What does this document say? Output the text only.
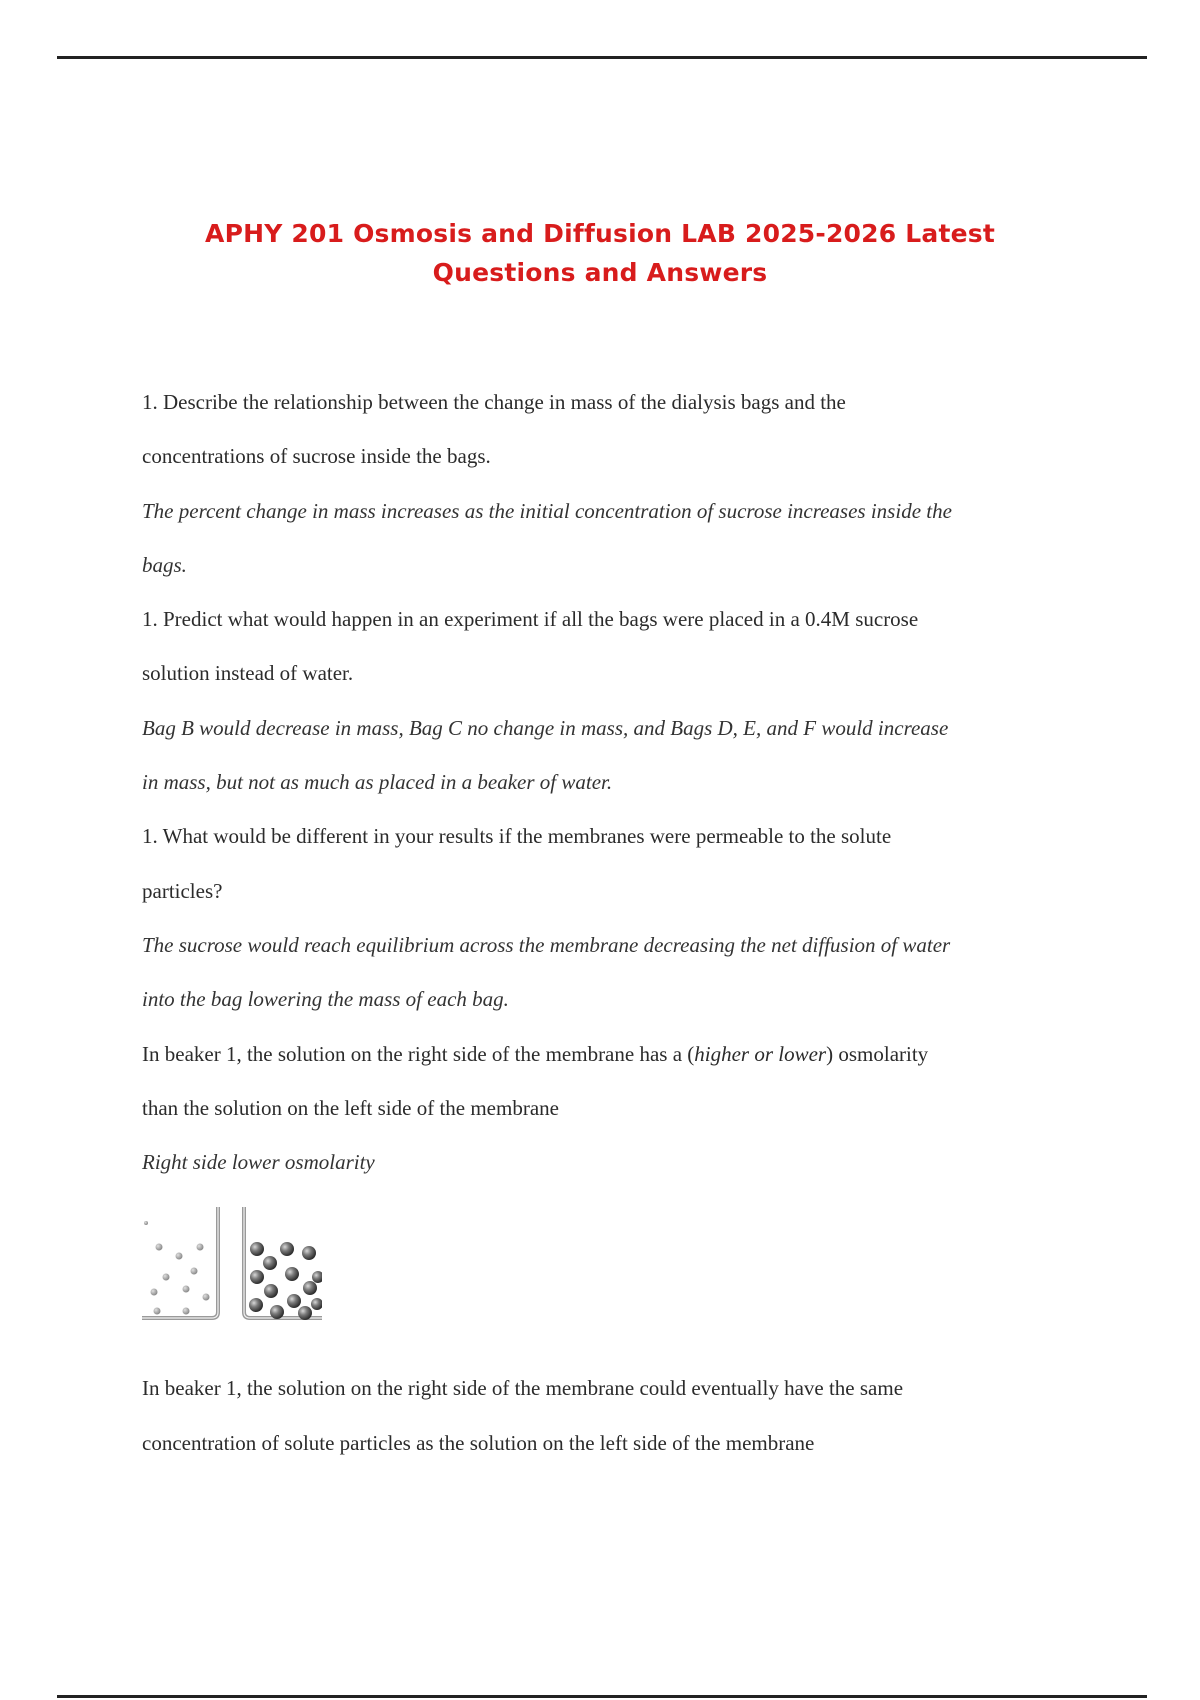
APHY 201 Osmosis and Diffusion LAB 2025-2026 Latest
Questions and Answers

1. Describe the relationship between the change in mass of the dialysis bags and the

concentrations of sucrose inside the bags.

The percent change in mass increases as the initial concentration of sucrose increases inside the

bags.

1. Predict what would happen in an experiment if all the bags were placed in a 0.4M sucrose

solution instead of water.

Bag B would decrease in mass, Bag C no change in mass, and Bags D, E, and F would increase

in mass, but not as much as placed in a beaker of water.

1. What would be different in your results if the membranes were permeable to the solute

particles?

The sucrose would reach equilibrium across the membrane decreasing the net diffusion of water

into the bag lowering the mass of each bag.

In beaker 1, the solution on the right side of the membrane has a (higher or lower) osmolarity

than the solution on the left side of the membrane

Right side lower osmolarity

In beaker 1, the solution on the right side of the membrane could eventually have the same

concentration of solute particles as the solution on the left side of the membrane
